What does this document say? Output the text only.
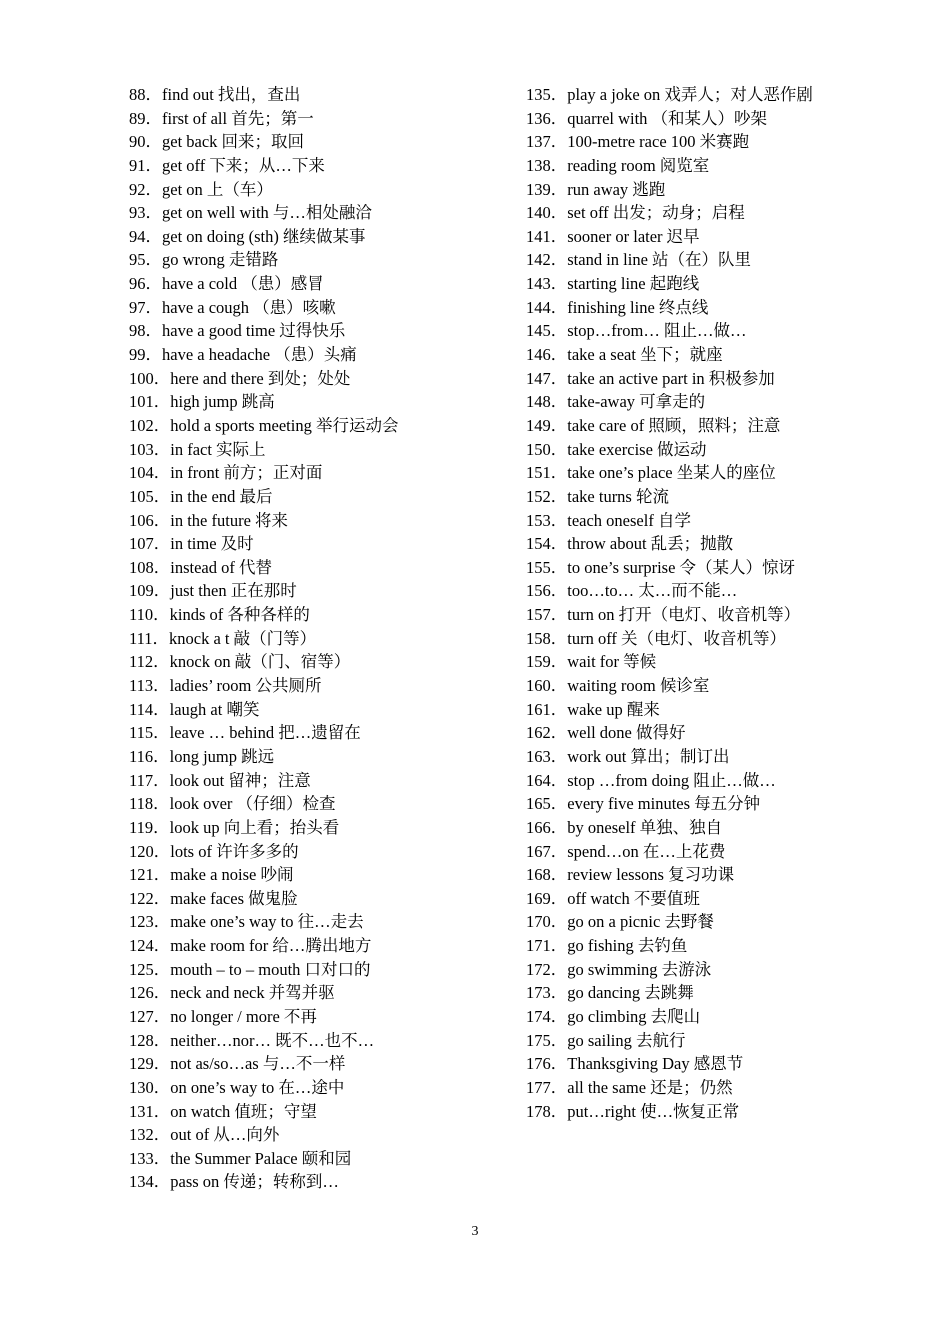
88．find out 找出，查出
89．first of all 首先；第一
90．get back 回来；取回
91．get off 下来；从…下来
92．get on 上（车）
93．get on well with 与…相处融洽
94．get on doing (sth) 继续做某事
95．go wrong 走错路
96．have a cold （患）感冒
97．have a cough （患）咳嗽
98．have a good time 过得快乐
99．have a headache （患）头痛
100．here and there 到处；处处
101．high jump 跳高
102．hold a sports meeting 举行运动会
103．in fact 实际上
104．in front 前方；正对面
105．in the end 最后
106．in the future 将来
107．in time 及时
108．instead of 代替
109．just then 正在那时
110．kinds of 各种各样的
111．knock a t 敲（门等）
112．knock on 敲（门、宿等）
113．ladies’ room 公共厕所
114．laugh at 嘲笑
115．leave … behind 把…遗留在
116．long jump 跳远
117．look out 留神；注意
118．look over （仔细）检查
119．look up 向上看；抬头看
120．lots of 许许多多的
121．make a noise 吵闹
122．make faces 做鬼脸
123．make one’s way to 往…走去
124．make room for 给…腾出地方
125．mouth – to – mouth 口对口的
126．neck and neck 并驾并驱
127．no longer / more 不再
128．neither…nor… 既不…也不…
129．not as/so…as 与…不一样
130．on one’s way to 在…途中
131．on watch 值班；守望
132．out of 从…向外
133．the Summer Palace 颐和园
134．pass on 传递；转称到…
135．play a joke on 戏弄人；对人恶作剧
136．quarrel with （和某人）吵架
137．100-metre race 100 米赛跑
138．reading room 阅览室
139．run away 逃跑
140．set off 出发；动身；启程
141．sooner or later 迟早
142．stand in line 站（在）队里
143．starting line 起跑线
144．finishing line 终点线
145．stop…from… 阻止…做…
146．take a seat 坐下；就座
147．take an active part in 积极参加
148．take-away 可拿走的
149．take care of 照顾，照料；注意
150．take exercise 做运动
151．take one’s place 坐某人的座位
152．take turns 轮流
153．teach oneself 自学
154．throw about 乱丢；抛散
155．to one’s surprise 令（某人）惊讶
156．too…to… 太…而不能…
157．turn on 打开（电灯、收音机等）
158．turn off 关（电灯、收音机等）
159．wait for 等候
160．waiting room 候诊室
161．wake up 醒来
162．well done 做得好
163．work out 算出；制订出
164．stop …from doing 阻止…做…
165．every five minutes 每五分钟
166．by oneself 单独、独自
167．spend…on 在…上花费
168．review lessons 复习功课
169．off watch 不要值班
170．go on a picnic 去野餐
171．go fishing 去钓鱼
172．go swimming 去游泳
173．go dancing 去跳舞
174．go climbing 去爬山
175．go sailing 去航行
176．Thanksgiving Day 感恩节
177．all the same 还是；仍然
178．put…right 使…恢复正常
3
